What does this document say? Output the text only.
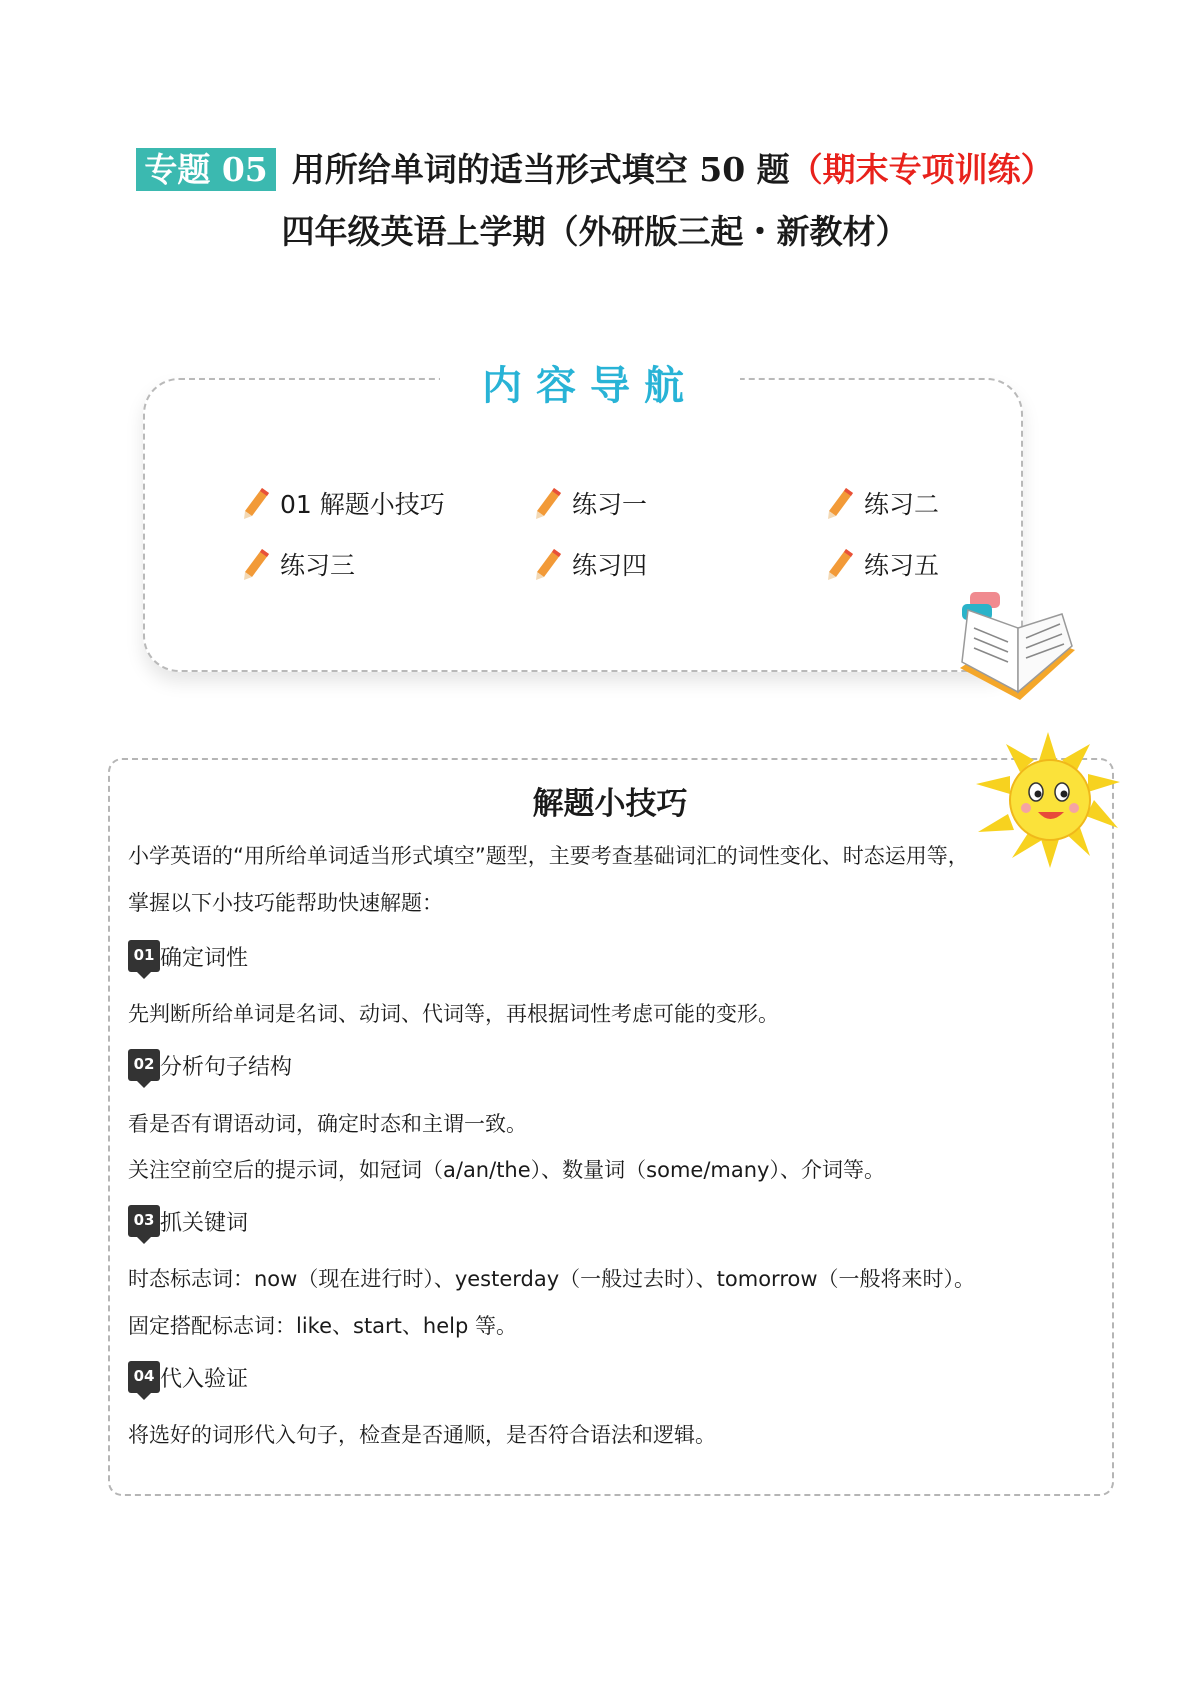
专题 05 用所给单词的适当形式填空 50 题（期末专项训练）
四年级英语上学期（外研版三起・新教材）
内容导航
01 解题小技巧	练习一	练习二
练习三	练习四	练习五
解题小技巧
小学英语的“用所给单词适当形式填空”题型，主要考查基础词汇的词性变化、时态运用等，
掌握以下小技巧能帮助快速解题：
01 确定词性
先判断所给单词是名词、动词、代词等，再根据词性考虑可能的变形。
02 分析句子结构
看是否有谓语动词，确定时态和主谓一致。
关注空前空后的提示词，如冠词（a/an/the）、数量词（some/many）、介词等。
03 抓关键词
时态标志词：now（现在进行时）、yesterday（一般过去时）、tomorrow（一般将来时）。
固定搭配标志词：like、start、help 等。
04 代入验证
将选好的词形代入句子，检查是否通顺，是否符合语法和逻辑。
